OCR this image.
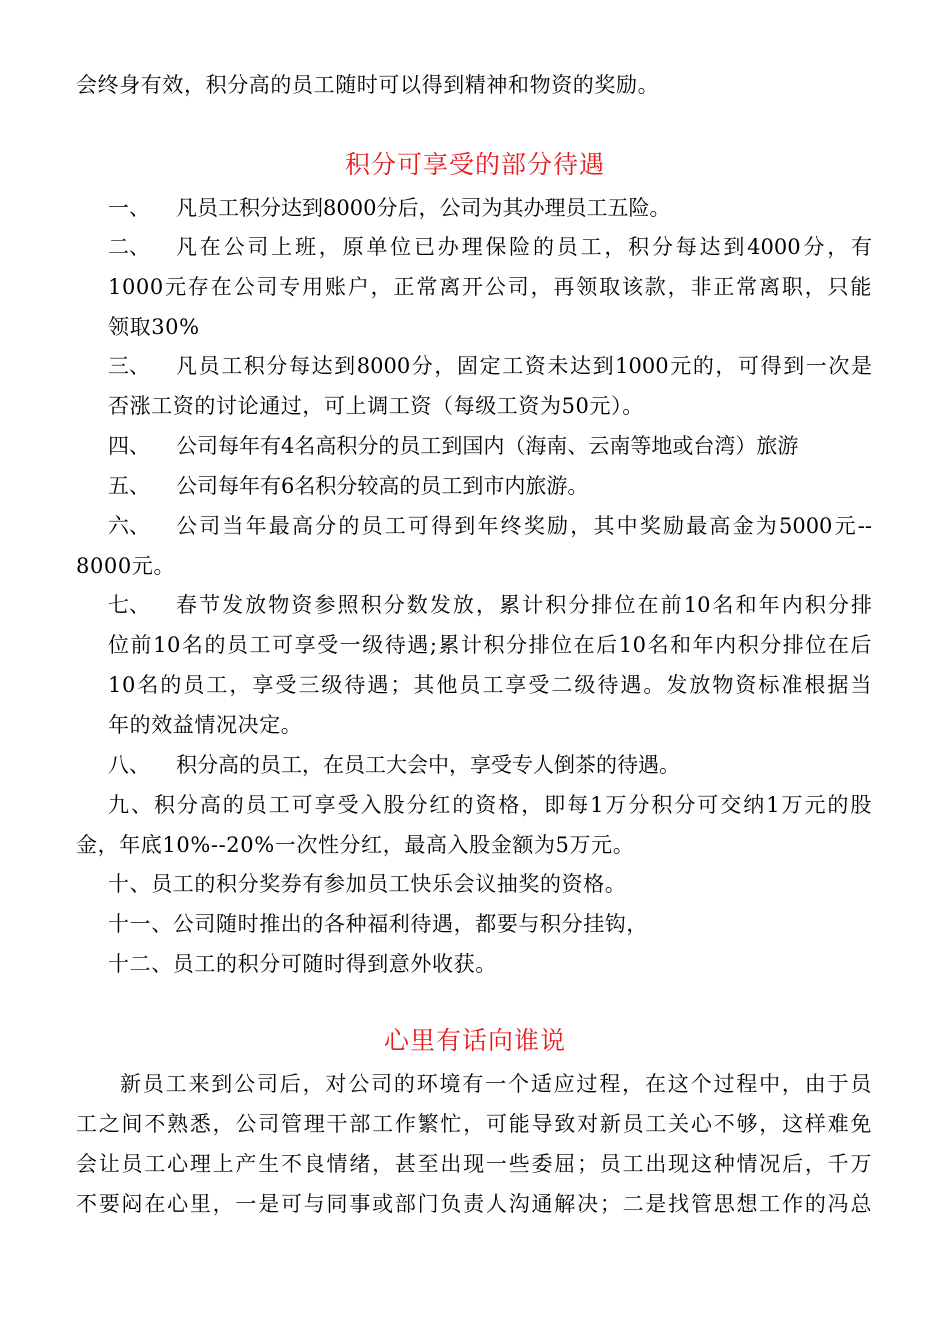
会终身有效，积分高的员工随时可以得到精神和物资的奖励。
积分可享受的部分待遇
一、 凡员工积分达到8000分后，公司为其办理员工五险。
二、 凡在公司上班，原单位已办理保险的员工，积分每达到4000分，有
1000元存在公司专用账户，正常离开公司，再领取该款，非正常离职，只能
领取30%
三、 凡员工积分每达到8000分，固定工资未达到1000元的，可得到一次是
否涨工资的讨论通过，可上调工资（每级工资为50元）。
四、 公司每年有4名高积分的员工到国内（海南、云南等地或台湾）旅游
五、 公司每年有6名积分较高的员工到市内旅游。
六、 公司当年最高分的员工可得到年终奖励，其中奖励最高金为5000元--
8000元。
七、 春节发放物资参照积分数发放，累计积分排位在前10名和年内积分排
位前10名的员工可享受一级待遇;累计积分排位在后10名和年内积分排位在后
10名的员工，享受三级待遇；其他员工享受二级待遇。发放物资标准根据当
年的效益情况决定。
八、 积分高的员工，在员工大会中，享受专人倒茶的待遇。
九、积分高的员工可享受入股分红的资格，即每1万分积分可交纳1万元的股
金，年底10%--20%一次性分红，最高入股金额为5万元。
十、员工的积分奖券有参加员工快乐会议抽奖的资格。
十一、公司随时推出的各种福利待遇，都要与积分挂钩，
十二、员工的积分可随时得到意外收获。
心里有话向谁说
新员工来到公司后，对公司的环境有一个适应过程，在这个过程中，由于员
工之间不熟悉，公司管理干部工作繁忙，可能导致对新员工关心不够，这样难免
会让员工心理上产生不良情绪，甚至出现一些委屈；员工出现这种情况后，千万
不要闷在心里，一是可与同事或部门负责人沟通解决；二是找管思想工作的冯总
